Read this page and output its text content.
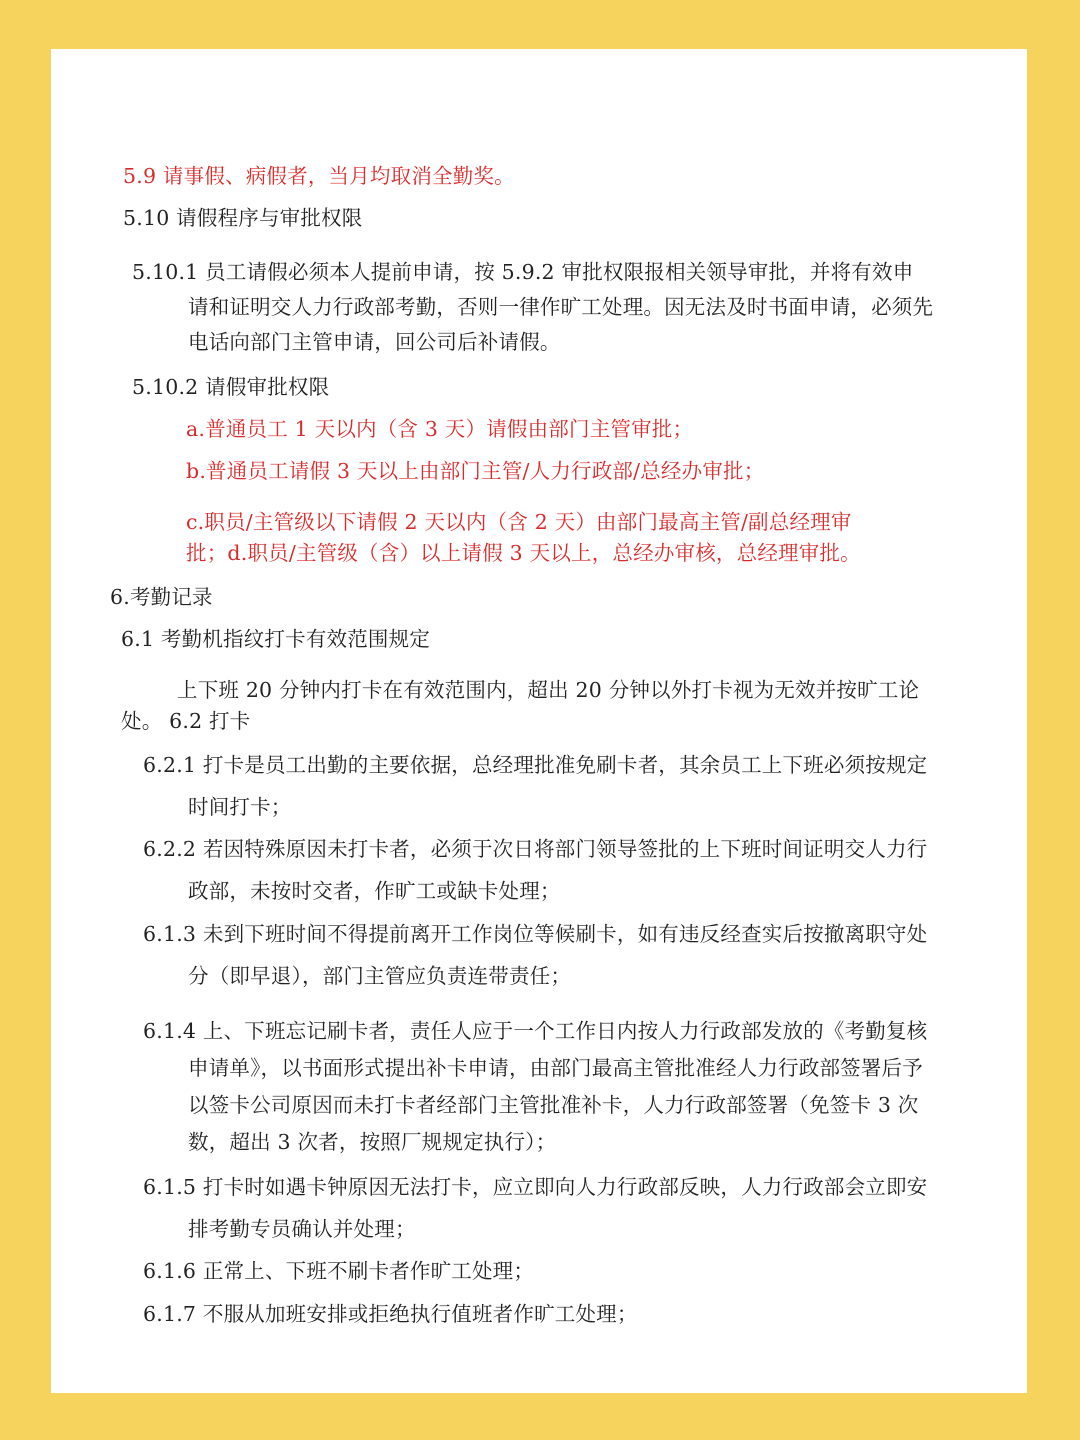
5.9 请事假、病假者，当月均取消全勤奖。
5.10 请假程序与审批权限
5.10.1 员工请假必须本人提前申请，按 5.9.2 审批权限报相关领导审批，并将有效申
请和证明交人力行政部考勤，否则一律作旷工处理。因无法及时书面申请，必须先
电话向部门主管申请，回公司后补请假。
5.10.2 请假审批权限
a.普通员工 1 天以内（含 3 天）请假由部门主管审批；
b.普通员工请假 3 天以上由部门主管/人力行政部/总经办审批；
c.职员/主管级以下请假 2 天以内（含 2 天）由部门最高主管/副总经理审
批；d.职员/主管级（含）以上请假 3 天以上，总经办审核，总经理审批。
6.考勤记录
6.1 考勤机指纹打卡有效范围规定
上下班 20 分钟内打卡在有效范围内，超出 20 分钟以外打卡视为无效并按旷工论
处。 6.2 打卡
6.2.1 打卡是员工出勤的主要依据，总经理批准免刷卡者，其余员工上下班必须按规定
时间打卡；
6.2.2 若因特殊原因未打卡者，必须于次日将部门领导签批的上下班时间证明交人力行
政部，未按时交者，作旷工或缺卡处理；
6.1.3 未到下班时间不得提前离开工作岗位等候刷卡，如有违反经查实后按撤离职守处
分（即早退），部门主管应负责连带责任；
6.1.4 上、下班忘记刷卡者，责任人应于一个工作日内按人力行政部发放的《考勤复核
申请单》，以书面形式提出补卡申请，由部门最高主管批准经人力行政部签署后予
以签卡公司原因而未打卡者经部门主管批准补卡，人力行政部签署（免签卡 3 次
数，超出 3 次者，按照厂规规定执行）；
6.1.5 打卡时如遇卡钟原因无法打卡，应立即向人力行政部反映，人力行政部会立即安
排考勤专员确认并处理；
6.1.6 正常上、下班不刷卡者作旷工处理；
6.1.7 不服从加班安排或拒绝执行值班者作旷工处理；
